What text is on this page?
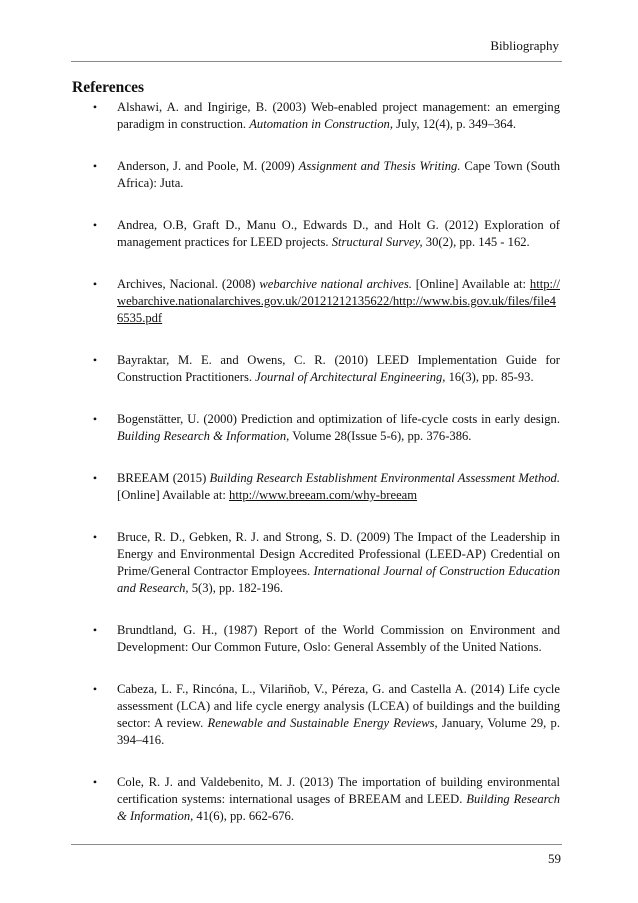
Bibliography
References
• Alshawi, A. and Ingirige, B. (2003) Web-enabled project management: an emerging paradigm in construction. Automation in Construction, July, 12(4), p. 349–364.
• Anderson, J. and Poole, M. (2009) Assignment and Thesis Writing. Cape Town (South Africa): Juta.
• Andrea, O.B, Graft D., Manu O., Edwards D., and Holt G. (2012) Exploration of management practices for LEED projects. Structural Survey, 30(2), pp. 145 - 162.
• Archives, Nacional. (2008) webarchive national archives. [Online] Available at: http://webarchive.nationalarchives.gov.uk/20121212135622/http://www.bis.gov.uk/files/file46535.pdf
• Bayraktar, M. E. and Owens, C. R. (2010) LEED Implementation Guide for Construction Practitioners. Journal of Architectural Engineering, 16(3), pp. 85-93.
• Bogenstätter, U. (2000) Prediction and optimization of life-cycle costs in early design. Building Research & Information, Volume 28(Issue 5-6), pp. 376-386.
• BREEAM (2015) Building Research Establishment Environmental Assessment Method. [Online] Available at: http://www.breeam.com/why-breeam
• Bruce, R. D., Gebken, R. J. and Strong, S. D. (2009) The Impact of the Leadership in Energy and Environmental Design Accredited Professional (LEED-AP) Credential on Prime/General Contractor Employees. International Journal of Construction Education and Research, 5(3), pp. 182-196.
• Brundtland, G. H., (1987) Report of the World Commission on Environment and Development: Our Common Future, Oslo: General Assembly of the United Nations.
• Cabeza, L. F., Rincóna, L., Vilariñob, V., Péreza, G. and Castella A. (2014) Life cycle assessment (LCA) and life cycle energy analysis (LCEA) of buildings and the building sector: A review. Renewable and Sustainable Energy Reviews, January, Volume 29, p. 394–416.
• Cole, R. J. and Valdebenito, M. J. (2013) The importation of building environmental certification systems: international usages of BREEAM and LEED. Building Research & Information, 41(6), pp. 662-676.
59
